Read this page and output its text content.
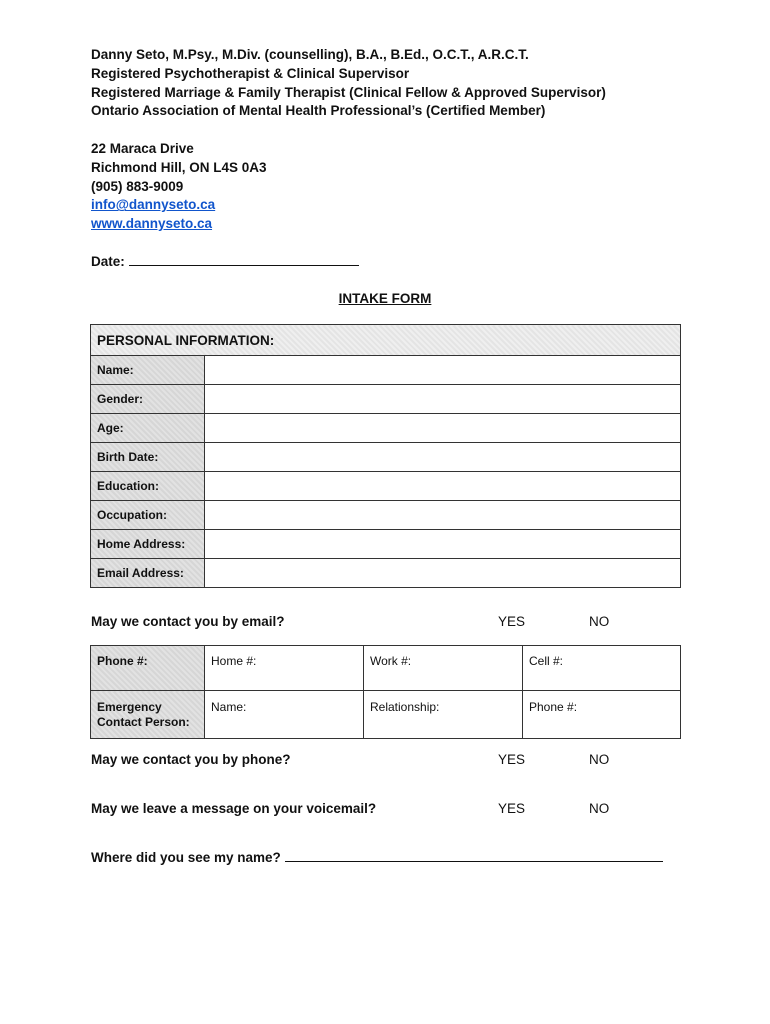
Danny Seto, M.Psy., M.Div. (counselling), B.A., B.Ed., O.C.T., A.R.C.T.
Registered Psychotherapist & Clinical Supervisor
Registered Marriage & Family Therapist (Clinical Fellow & Approved Supervisor)
Ontario Association of Mental Health Professional’s (Certified Member)
22 Maraca Drive
Richmond Hill, ON L4S 0A3
(905) 883-9009
info@dannyseto.ca
www.dannyseto.ca
Date:
INTAKE FORM
PERSONAL INFORMATION:	
Name:	
Gender:	
Age:	
Birth Date:	
Education:	
Occupation:	
Home Address:	
Email Address:	
May we contact you by email?	YES	NO
Phone #:	Home #:	Work #:	Cell #:
Emergency Contact Person:	Name:	Relationship:	Phone #:
May we contact you by phone?	YES	NO
May we leave a message on your voicemail?	YES	NO
Where did you see my name?
